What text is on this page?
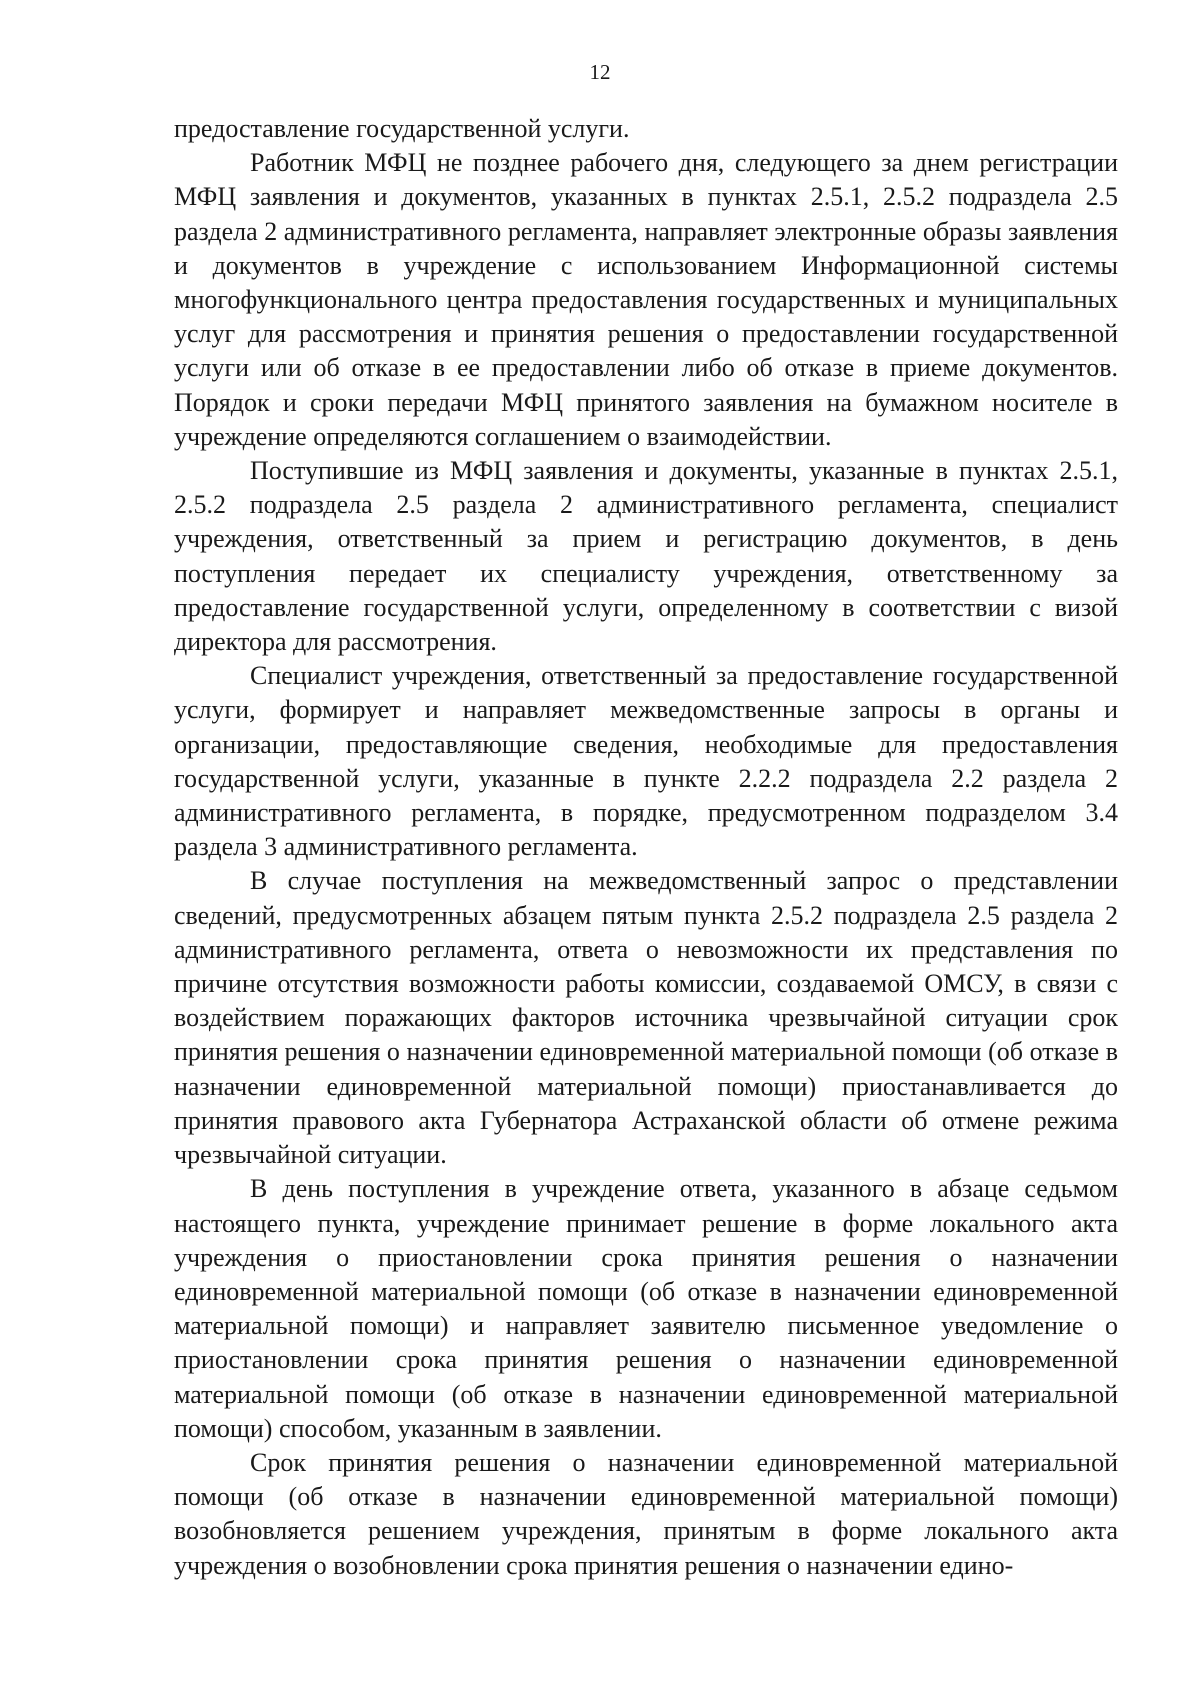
12

предоставление государственной услуги.

Работник МФЦ не позднее рабочего дня, следующего за днем регистрации МФЦ заявления и документов, указанных в пунктах 2.5.1, 2.5.2 подраздела 2.5 раздела 2 административного регламента, направляет электронные образы заявления и документов в учреждение с использованием Информационной системы многофункционального центра предоставления государственных и муниципальных услуг для рассмотрения и принятия решения о предоставлении государственной услуги или об отказе в ее предоставлении либо об отказе в приеме документов. Порядок и сроки передачи МФЦ принятого заявления на бумажном носителе в учреждение определяются соглашением о взаимодействии.

Поступившие из МФЦ заявления и документы, указанные в пунктах 2.5.1, 2.5.2 подраздела 2.5 раздела 2 административного регламента, специалист учреждения, ответственный за прием и регистрацию документов, в день поступления передает их специалисту учреждения, ответственному за предоставление государственной услуги, определенному в соответствии с визой директора для рассмотрения.

Специалист учреждения, ответственный за предоставление государственной услуги, формирует и направляет межведомственные запросы в органы и организации, предоставляющие сведения, необходимые для предоставления государственной услуги, указанные в пункте 2.2.2 подраздела 2.2 раздела 2 административного регламента, в порядке, предусмотренном подразделом 3.4 раздела 3 административного регламента.

В случае поступления на межведомственный запрос о представлении сведений, предусмотренных абзацем пятым пункта 2.5.2 подраздела 2.5 раздела 2 административного регламента, ответа о невозможности их представления по причине отсутствия возможности работы комиссии, создаваемой ОМСУ, в связи с воздействием поражающих факторов источника чрезвычайной ситуации срок принятия решения о назначении единовременной материальной помощи (об отказе в назначении единовременной материальной помощи) приостанавливается до принятия правового акта Губернатора Астраханской области об отмене режима чрезвычайной ситуации.

В день поступления в учреждение ответа, указанного в абзаце седьмом настоящего пункта, учреждение принимает решение в форме локального акта учреждения о приостановлении срока принятия решения о назначении единовременной материальной помощи (об отказе в назначении единовременной материальной помощи) и направляет заявителю письменное уведомление о приостановлении срока принятия решения о назначении единовременной материальной помощи (об отказе в назначении единовременной материальной помощи) способом, указанным в заявлении.

Срок принятия решения о назначении единовременной материальной помощи (об отказе в назначении единовременной материальной помощи) возобновляется решением учреждения, принятым в форме локального акта учреждения о возобновлении срока принятия решения о назначении едино-
